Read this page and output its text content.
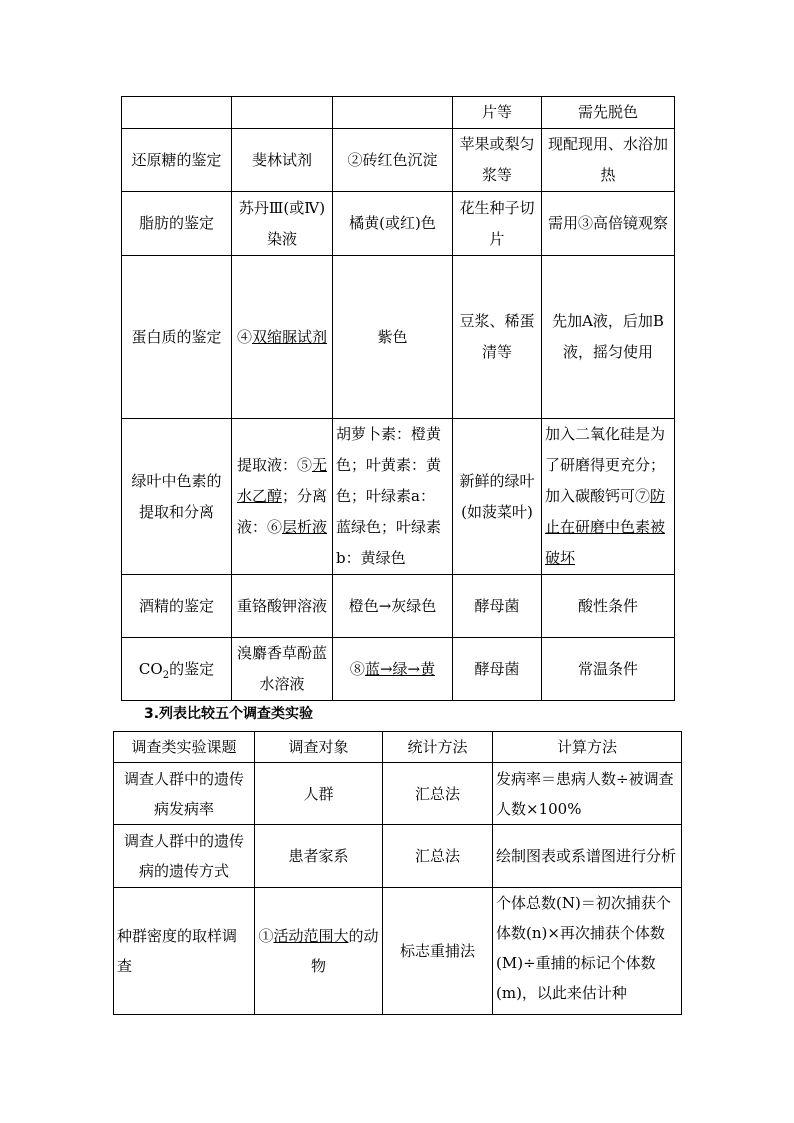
			片等	需先脱色
还原糖的鉴定	斐林试剂	②砖红色沉淀	苹果或梨匀浆等	现配现用、水浴加热
脂肪的鉴定	苏丹Ⅲ(或Ⅳ)染液	橘黄(或红)色	花生种子切片	需用③高倍镜观察
蛋白质的鉴定	④双缩脲试剂	紫色	豆浆、稀蛋清等	先加A液，后加B液，摇匀使用
绿叶中色素的提取和分离	提取液：⑤无水乙醇；分离液：⑥层析液	胡萝卜素：橙黄色；叶黄素：黄色；叶绿素a：蓝绿色；叶绿素b：黄绿色	新鲜的绿叶(如菠菜叶)	加入二氧化硅是为了研磨得更充分；加入碳酸钙可⑦防止在研磨中色素被破坏
酒精的鉴定	重铬酸钾溶液	橙色→灰绿色	酵母菌	酸性条件
$CO_2$的鉴定	溴麝香草酚蓝水溶液	⑧蓝→绿→黄	酵母菌	常温条件
3.列表比较五个调查类实验
调查类实验课题	调查对象	统计方法	计算方法
调查人群中的遗传病发病率	人群	汇总法	发病率＝患病人数÷被调查人数×100%
调查人群中的遗传病的遗传方式	患者家系	汇总法	绘制图表或系谱图进行分析
种群密度的取样调查	①活动范围大的动物	标志重捕法	个体总数(N)＝初次捕获个体数(n)×再次捕获个体数(M)÷重捕的标记个体数(m)，以此来估计种
